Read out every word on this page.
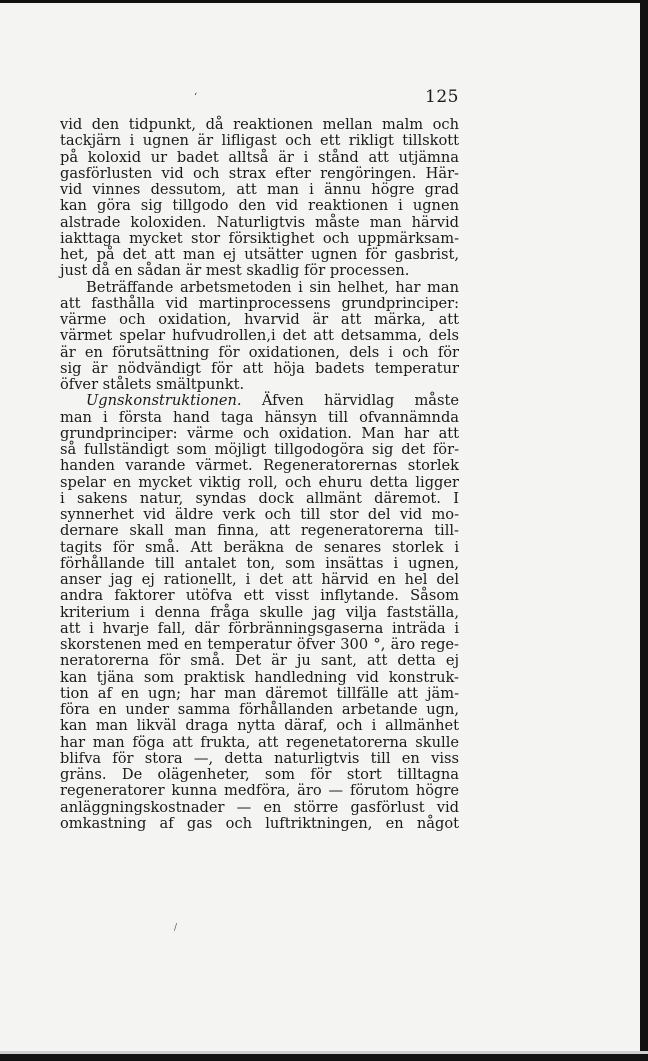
‘	125
vid den tidpunkt, då reaktionen mellan malm och
tackjärn i ugnen är lifligast och ett rikligt tillskott
på koloxid ur badet alltså är i stånd att utjämna
gasförlusten vid och strax efter rengöringen. Här-
vid vinnes dessutom, att man i ännu högre grad
kan göra sig tillgodo den vid reaktionen i ugnen
alstrade koloxiden. Naturligtvis måste man härvid
iakttaga mycket stor försiktighet och uppmärksam-
het, på det att man ej utsätter ugnen för gasbrist,
just då en sådan är mest skadlig för processen.
Beträffande arbetsmetoden i sin helhet, har man
att fasthålla vid martinprocessens grundprinciper:
värme och oxidation, hvarvid är att märka, att
värmet spelar hufvudrollen,i det att detsamma, dels
är en förutsättning för oxidationen, dels i och för
sig är nödvändigt för att höja badets temperatur
öfver stålets smältpunkt.
Ugnskonstruktionen. Äfven härvidlag måste
man i första hand taga hänsyn till ofvannämnda
grundprinciper: värme och oxidation. Man har att
så fullständigt som möjligt tillgodogöra sig det för-
handen varande värmet. Regeneratorernas storlek
spelar en mycket viktig roll, och ehuru detta ligger
i sakens natur, syndas dock allmänt däremot. I
synnerhet vid äldre verk och till stor del vid mo-
dernare skall man finna, att regeneratorerna till-
tagits för små. Att beräkna de senares storlek i
förhållande till antalet ton, som insättas i ugnen,
anser jag ej rationellt, i det att härvid en hel del
andra faktorer utöfva ett visst inflytande. Såsom
kriterium i denna fråga skulle jag vilja fastställa,
att i hvarje fall, där förbränningsgaserna inträda i
skorstenen med en temperatur öfver 300 °, äro rege-
neratorerna för små. Det är ju sant, att detta ej
kan tjäna som praktisk handledning vid konstruk-
tion af en ugn; har man däremot tillfälle att jäm-
föra en under samma förhållanden arbetande ugn,
kan man likväl draga nytta däraf, och i allmänhet
har man föga att frukta, att regenetatorerna skulle
blifva för stora —, detta naturligtvis till en viss
gräns. De olägenheter, som för stort tilltagna
regeneratorer kunna medföra, äro — förutom högre
anläggningskostnader — en större gasförlust vid
omkastning af gas och luftriktningen, en något
/
